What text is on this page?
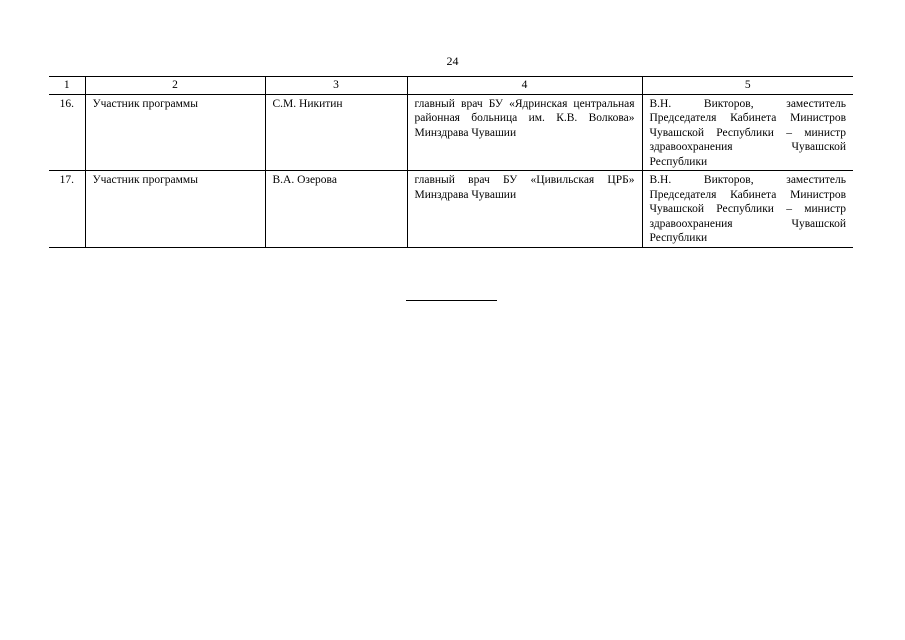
24
1	2	3	4	5
16.	Участник программы	С.М. Никитин	главный врач БУ «Ядринская центральная районная больница им. К.В. Волкова» Минздрава Чувашии	В.Н. Викторов, заместитель Председателя Кабинета Министров Чувашской Республики – министр здравоохранения Чувашской Республики
17.	Участник программы	В.А. Озерова	главный врач БУ «Цивильская ЦРБ» Минздрава Чувашии	В.Н. Викторов, заместитель Председателя Кабинета Министров Чувашской Республики – министр здравоохранения Чувашской Республики
